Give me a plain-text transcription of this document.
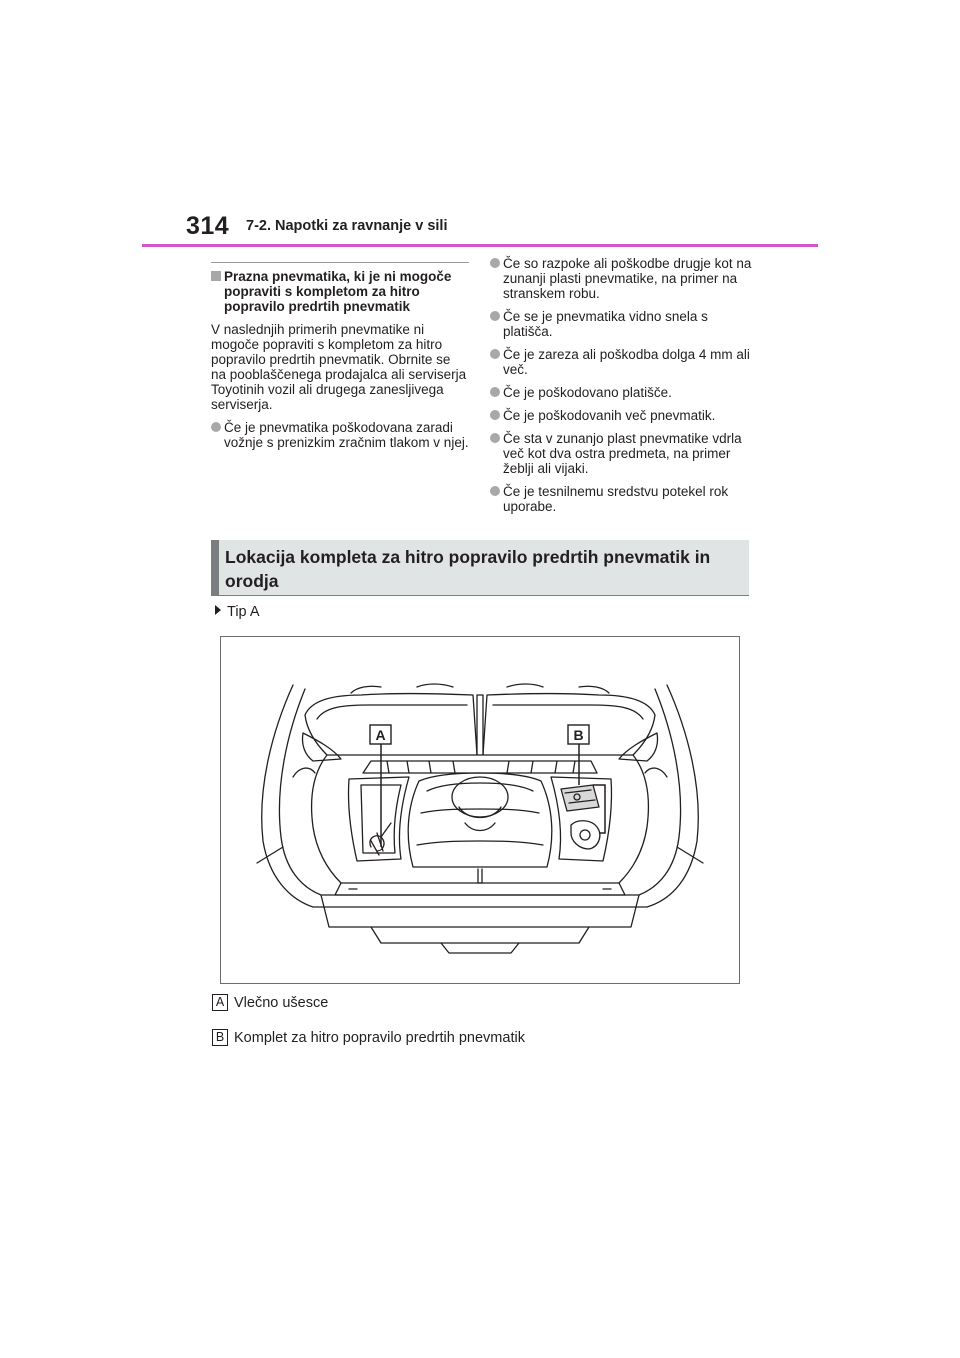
314 7-2. Napotki za ravnanje v sili
Prazna pnevmatika, ki je ni mogoče popraviti s kompletom za hitro popravilo predrtih pnevmatik
V naslednjih primerih pnevmatike ni mogoče popraviti s kompletom za hitro popravilo predrtih pnevmatik. Obrnite se na pooblaščenega prodajalca ali serviserja Toyotinih vozil ali drugega zanesljivega serviserja.
Če je pnevmatika poškodovana zaradi vožnje s prenizkim zračnim tlakom v njej.
Če so razpoke ali poškodbe drugje kot na zunanji plasti pnevmatike, na primer na stranskem robu.
Če se je pnevmatika vidno snela s platišča.
Če je zareza ali poškodba dolga 4 mm ali več.
Če je poškodovano platišče.
Če je poškodovanih več pnevmatik.
Če sta v zunanjo plast pnevmatike vdrla več kot dva ostra predmeta, na primer žeblji ali vijaki.
Če je tesnilnemu sredstvu potekel rok uporabe.
Lokacija kompleta za hitro popravilo predrtih pnevmatik in orodja
Tip A
A	B
A Vlečno ušesce
B Komplet za hitro popravilo predrtih pnevmatik
